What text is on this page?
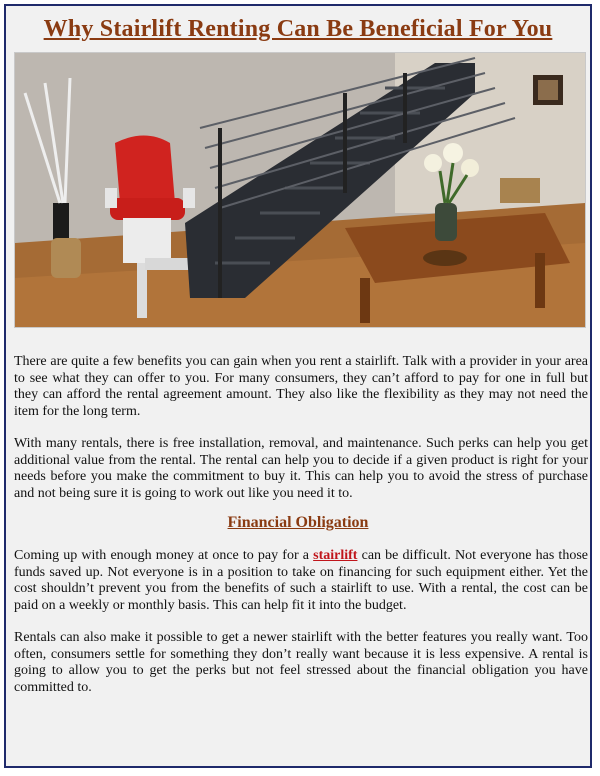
Why Stairlift Renting Can Be Beneficial For You
There are quite a few benefits you can gain when you rent a stairlift. Talk with a provider in your area to see what they can offer to you. For many consumers, they can’t afford to pay for one in full but they can afford the rental agreement amount. They also like the flexibility as they may not need the item for the long term.
With many rentals, there is free installation, removal, and maintenance. Such perks can help you get additional value from the rental. The rental can help you to decide if a given product is right for your needs before you make the commitment to buy it. This can help you to avoid the stress of purchase and not being sure it is going to work out like you need it to.
Financial Obligation
Coming up with enough money at once to pay for a stairlift can be difficult. Not everyone has those funds saved up. Not everyone is in a position to take on financing for such equipment either. Yet the cost shouldn’t prevent you from the benefits of such a stairlift to use. With a rental, the cost can be paid on a weekly or monthly basis. This can help fit it into the budget.
Rentals can also make it possible to get a newer stairlift with the better features you really want. Too often, consumers settle for something they don’t really want because it is less expensive. A rental is going to allow you to get the perks but not feel stressed about the financial obligation you have committed to.
